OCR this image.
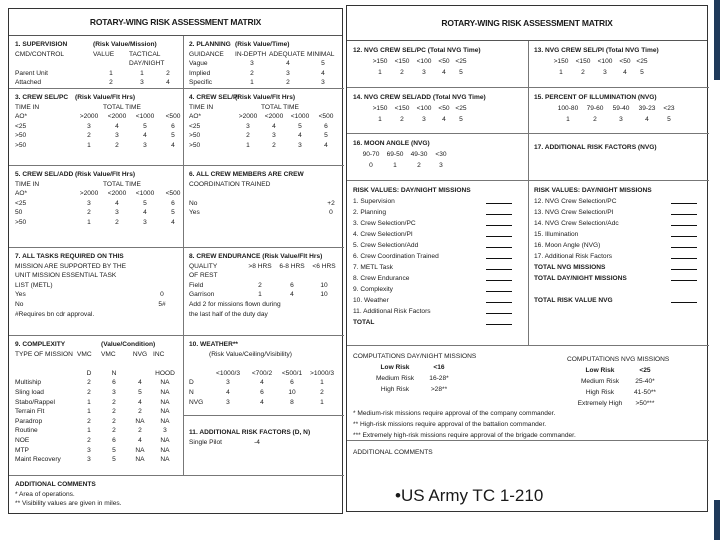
ROTARY-WING RISK ASSESSMENT MATRIX
1. SUPERVISION	(Risk Value/Mission)
CMD/CONTROL	VALUE	TACTICAL
DAY/NIGHT
Parent Unit	1	1	2
Attached	2	3	4
2. PLANNING (Risk Value/Time)
GUIDANCE	IN-DEPTH ADEQUATE MINIMAL
Vague	3	4	5
Implied	2	3	4
Specific	1	2	3
3. CREW SEL/PC	(Risk Value/Flt Hrs)
TIME IN	TOTAL TIME
AO*	>2000	<2000	<1000	<500
<25	3	4	5	6
>50	2	3	4	5
>50	1	2	3	4
4. CREW SEL/PI
(Risk Value/Flt Hrs)
TIME IN	TOTAL TIME
AO*	>2000	<2000	<1000	<500
<25	3	4	5	6
>50	2	3	4	5
>50	1	2	3	4
5. CREW SEL/ADD (Risk Value/Flt Hrs)
TIME IN	TOTAL TIME
AO*	>2000	<2000	<1000	<500
<25	3	4	5	6
50	2	3	4	5
>50	1	2	3	4
6. ALL CREW MEMBERS ARE CREW
COORDINATION TRAINED
No	+2
Yes	0
7. ALL TASKS REQUIRED ON THIS
MISSION ARE SUPPORTED BY THE
UNIT MISSION ESSENTIAL TASK
LIST (METL)
Yes	0
No	5#
#Requires bn cdr approval.
8. CREW ENDURANCE (Risk Value/Flt Hrs)
QUALITY	>8 HRS	6-8 HRS	<6 HRS
OF REST
Field	2	6	10
Garrison	1	4	10
Add 2 for missions flown during
the last half of the duty day
9. COMPLEXITY	(Value/Condition)
TYPE OF MISSION VMC	VMC	NVG INC
D	N	HOOD
Multiship	2	6	4	NA
Sling load	2	3	5	NA
Stabo/Rappel	1	2	4	NA
Terrain Flt	1	2	2	NA
Paradrop	2	2	NA	NA
Routine	1	2	2	3
NOE	2	6	4	NA
MTP	3	5	NA	NA
Maint Recovery	3	5	NA	NA
10. WEATHER**
(Risk Value/Ceiling/Visibility)
<1000/3	<700/2	<500/1	>1000/3
D	3	4	6	1
N	4	6	10	2
NVG	3	4	8	1
11. ADDITIONAL RISK FACTORS (D, N)
Single Pilot	-4
ADDITIONAL COMMENTS
* Area of operations.
** Visibility values are given in miles.
ROTARY-WING RISK ASSESSMENT MATRIX
12. NVG CREW SEL/PC (Total NVG Time)
>150	<150	<100	<50 <25
1	2	3	4	5
13. NVG CREW SEL/PI (Total NVG Time)
>150	<150	<100	<50 <25
1	2	3	4	5
14. NVG CREW SEL/ADD (Total NVG Time)
>150	<150	<100	<50 <25
1	2	3	4	5
15. PERCENT OF ILLUMINATION (NVG)
100-80	79-60	59-40	39-23	<23
1	2	3	4	5
16. MOON ANGLE (NVG)
90-70	69-50	49-30	<30
0	1	2	3
17. ADDITIONAL RISK FACTORS (NVG)
RISK VALUES: DAY/NIGHT MISSIONS
1. Supervision
2. Planning
3. Crew Selection/PC
4. Crew Selection/PI
5. Crew Selection/Add
6. Crew Coordination Trained
7. METL Task
8. Crew Endurance
9. Complexity
10. Weather
11. Additional Risk Factors
TOTAL
RISK VALUES: DAY/NIGHT MISSIONS
12. NVG Crew Selection/PC
13. NVG Crew Selection/PI
14. NVG Crew Selection/Adc
15. Illumination
16. Moon Angle (NVG)
17. Additional Risk Factors
TOTAL NVG MISSIONS
TOTAL DAY/NIGHT MISSIONS
TOTAL RISK VALUE NVG
COMPUTATIONS DAY/NIGHT MISSIONS
Low Risk	<16
Medium Risk	16-28*
High Risk	>28**
COMPUTATIONS NVG MISSIONS
Low Risk	<25
Medium Risk	25-40*
High Risk	41-50**
Extremely High	>50***
* Medium-risk missions require approval of the company commander.
** High-risk missions require approval of the battalion commander.
*** Extremely high-risk missions require approval of the brigade commander.
ADDITIONAL COMMENTS
•US Army TC 1-210
